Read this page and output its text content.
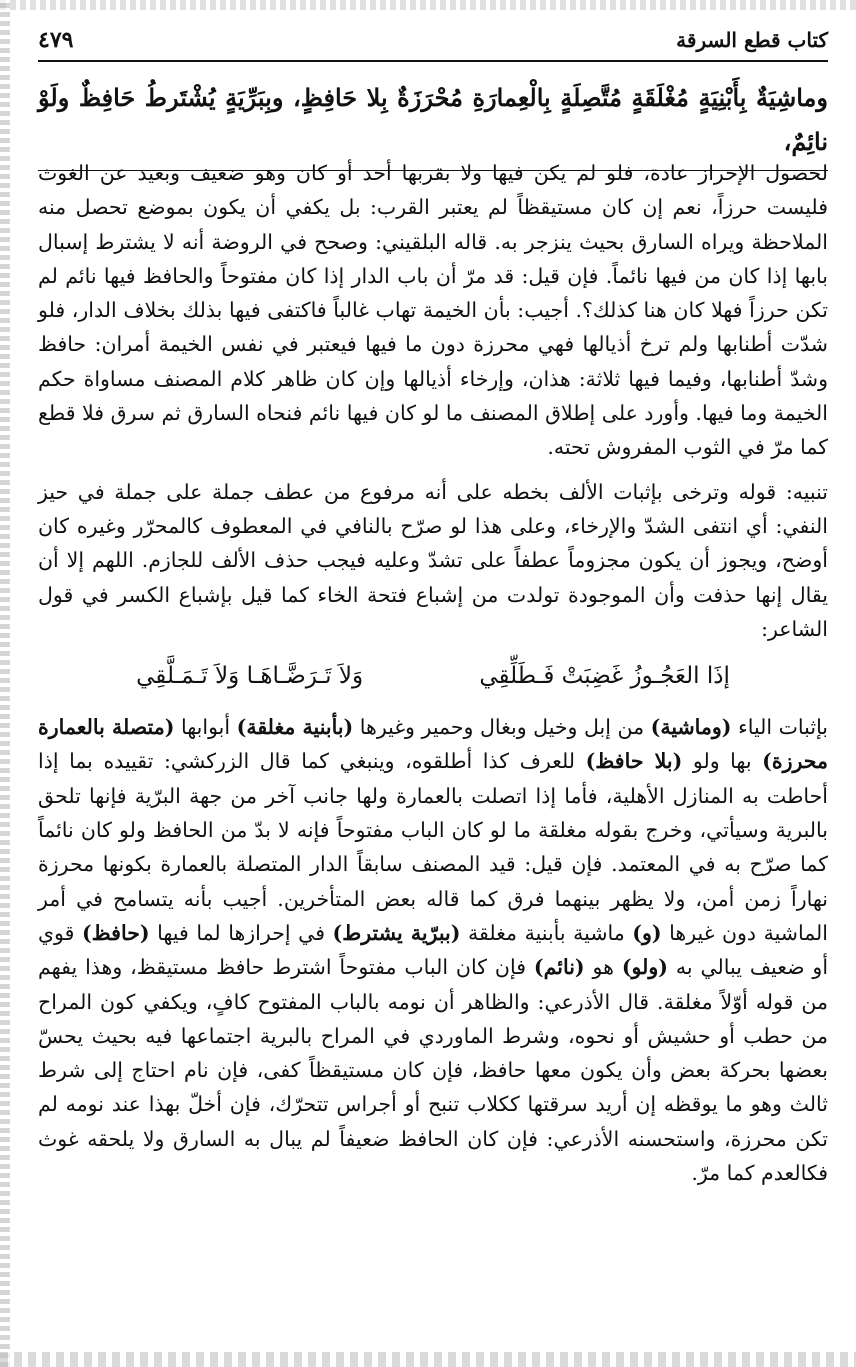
كتاب قطع السرقة
٤٧٩
وماشِيَةٌ بِأَبْنِيَةٍ مُغْلَقَةٍ مُتَّصِلَةٍ بِالْعِمارَةِ مُحْرَزَةٌ بِلا حَافِظٍ، وبِبَرِّيَةٍ يُشْتَرطُ حَافِظٌ ولَوْ نائِمٌ،

لحصول الإحراز عادة، فلو لم يكن فيها ولا بقربها أحد أو كان وهو ضعيف وبعيد عن الغوث فليست حرزاً، نعم إن كان مستيقظاً لم يعتبر القرب: بل يكفي أن يكون بموضع تحصل منه الملاحظة ويراه السارق بحيث ينزجر به. قاله البلقيني: وصحح في الروضة أنه لا يشترط إسبال بابها إذا كان من فيها نائماً. فإن قيل: قد مرّ أن باب الدار إذا كان مفتوحاً والحافظ فيها نائم لم تكن حرزاً فهلا كان هنا كذلك؟. أجيب: بأن الخيمة تهاب غالباً فاكتفى فيها بذلك بخلاف الدار، فلو شدّت أطنابها ولم ترخ أذيالها فهي محرزة دون ما فيها فيعتبر في نفس الخيمة أمران: حافظ وشدّ أطنابها، وفيما فيها ثلاثة: هذان، وإرخاء أذيالها وإن كان ظاهر كلام المصنف مساواة حكم الخيمة وما فيها. وأورد على إطلاق المصنف ما لو كان فيها نائم فنحاه السارق ثم سرق فلا قطع كما مرّ في الثوب المفروش تحته.

تنبيه: قوله وترخى بإثبات الألف بخطه على أنه مرفوع من عطف جملة على جملة في حيز النفي: أي انتفى الشدّ والإرخاء، وعلى هذا لو صرّح بالنافي في المعطوف كالمحرّر وغيره كان أوضح، ويجوز أن يكون مجزوماً عطفاً على تشدّ وعليه فيجب حذف الألف للجازم. اللهم إلا أن يقال إنها حذفت وأن الموجودة تولدت من إشباع فتحة الخاء كما قيل بإشباع الكسر في قول الشاعر:

إذَا العَجُـوزُ غَضِبَتْ فَـطَلِّقِي
وَلاَ تَـرَضَّـاهَـا وَلاَ تَـمَـلَّقِي

بإثبات الياء (وماشية) من إبل وخيل وبغال وحمير وغيرها (بأبنية مغلقة) أبوابها (متصلة بالعمارة محرزة) بها ولو (بلا حافظ) للعرف كذا أطلقوه، وينبغي كما قال الزركشي: تقييده بما إذا أحاطت به المنازل الأهلية، فأما إذا اتصلت بالعمارة ولها جانب آخر من جهة البرّية فإنها تلحق بالبرية وسيأتي، وخرج بقوله مغلقة ما لو كان الباب مفتوحاً فإنه لا بدّ من الحافظ ولو كان نائماً كما صرّح به في المعتمد. فإن قيل: قيد المصنف سابقاً الدار المتصلة بالعمارة بكونها محرزة نهاراً زمن أمن، ولا يظهر بينهما فرق كما قاله بعض المتأخرين. أجيب بأنه يتسامح في أمر الماشية دون غيرها (و) ماشية بأبنية مغلقة (ببرّية يشترط) في إحرازها لما فيها (حافظ) قوي أو ضعيف يبالي به (ولو) هو (نائم) فإن كان الباب مفتوحاً اشترط حافظ مستيقظ، وهذا يفهم من قوله أوّلاً مغلقة. قال الأذرعي: والظاهر أن نومه بالباب المفتوح كافٍ، ويكفي كون المراح من حطب أو حشيش أو نحوه، وشرط الماوردي في المراح بالبرية اجتماعها فيه بحيث يحسّ بعضها بحركة بعض وأن يكون معها حافظ، فإن كان مستيقظاً كفى، فإن نام احتاج إلى شرط ثالث وهو ما يوقظه إن أريد سرقتها ككلاب تنبح أو أجراس تتحرّك، فإن أخلّ بهذا عند نومه لم تكن محرزة، واستحسنه الأذرعي: فإن كان الحافظ ضعيفاً لم يبال به السارق ولا يلحقه غوث فكالعدم كما مرّ.
